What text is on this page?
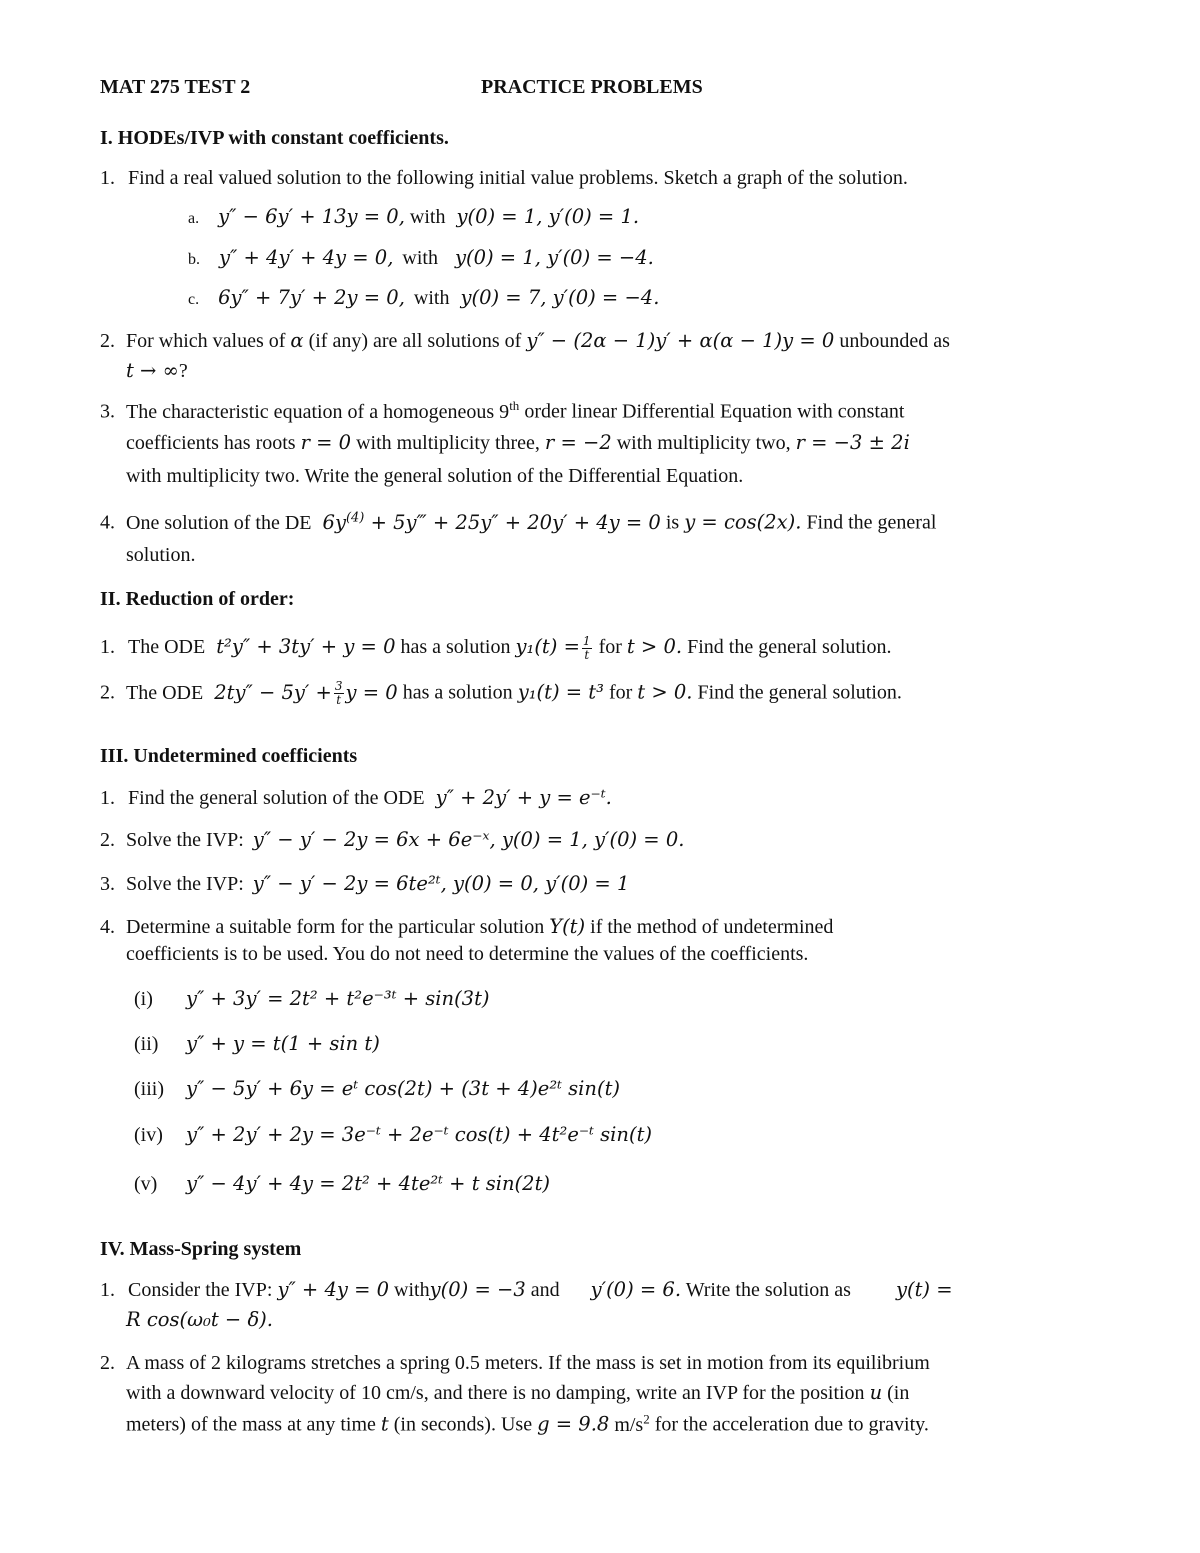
MAT 275 TEST 2	PRACTICE PROBLEMS
I. HODEs/IVP with constant coefficients.
1. Find a real valued solution to the following initial value problems. Sketch a graph of the solution.
a. y″ − 6y′ + 13y = 0, with y(0) = 1, y′(0) = 1.
b. y″ + 4y′ + 4y = 0, with y(0) = 1, y′(0) = −4.
c. 6y″ + 7y′ + 2y = 0, with y(0) = 7, y′(0) = −4.
2. For which values of α (if any) are all solutions of y″ − (2α − 1)y′ + α(α − 1)y = 0 unbounded as
t → ∞?
3. The characteristic equation of a homogeneous 9th order linear Differential Equation with constant
coefficients has roots r = 0 with multiplicity three, r = −2 with multiplicity two, r = −3 ± 2i
with multiplicity two. Write the general solution of the Differential Equation.
4. One solution of the DE $6y^{(4)}$ + 5y‴ + 25y″ + 20y′ + 4y = 0 is y = cos(2x). Find the general
solution.
II. Reduction of order:
1. The ODE t²y″ + 3ty′ + y = 0 has a solution $y_1(t) = \frac{1}{t}$ for t > 0. Find the general solution.
2. The ODE $2ty'' - 5y' + \frac{3}{t}$ y = 0 has a solution y₁(t) = t³ for t > 0. Find the general solution.
III. Undetermined coefficients
1. Find the general solution of the ODE y″ + 2y′ + y = e⁻ᵗ.
2. Solve the IVP: y″ − y′ − 2y = 6x + 6e⁻ˣ, y(0) = 1, y′(0) = 0.
3. Solve the IVP: y″ − y′ − 2y = 6te²ᵗ, y(0) = 0, y′(0) = 1
4. Determine a suitable form for the particular solution Y(t) if the method of undetermined
coefficients is to be used. You do not need to determine the values of the coefficients.
(i) y″ + 3y′ = 2t² + t²e⁻³ᵗ + sin(3t)
(ii) y″ + y = t(1 + sin t)
(iii) y″ − 5y′ + 6y = eᵗ cos(2t) + (3t + 4)e²ᵗ sin(t)
(iv) y″ + 2y′ + 2y = 3e⁻ᵗ + 2e⁻ᵗ cos(t) + 4t²e⁻ᵗ sin(t)
(v) y″ − 4y′ + 4y = 2t² + 4te²ᵗ + t sin(2t)
IV. Mass-Spring system
1. Consider the IVP: y″ + 4y = 0 withy(0) = −3 and y′(0) = 6. Write the solution as y(t) =
R cos(ω₀t − δ).
2. A mass of 2 kilograms stretches a spring 0.5 meters. If the mass is set in motion from its equilibrium
with a downward velocity of 10 cm/s, and there is no damping, write an IVP for the position u (in
meters) of the mass at any time t (in seconds). Use g = 9.8 $m/s^2$ for the acceleration due to gravity.
